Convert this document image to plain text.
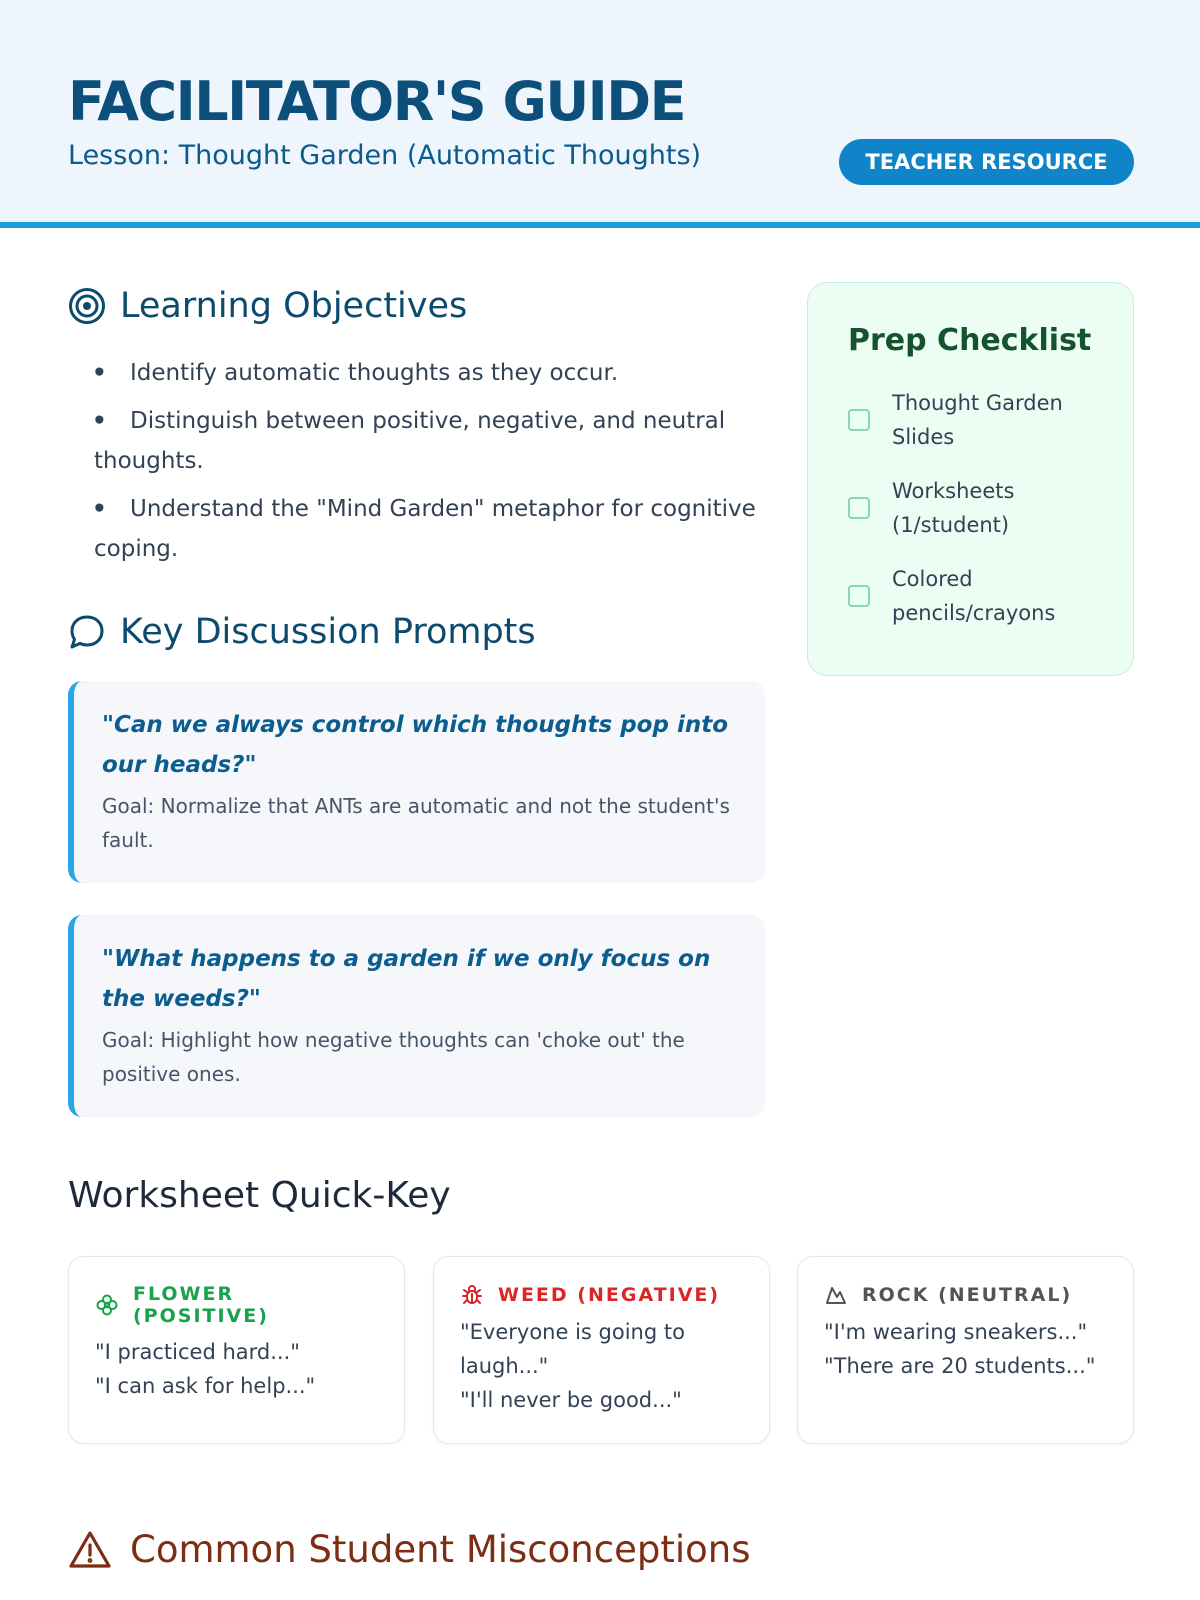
FACILITATOR'S GUIDE
Lesson: Thought Garden (Automatic Thoughts)	TEACHER RESOURCE
Learning Objectives
• Identify automatic thoughts as they occur.
• Distinguish between positive, negative, and neutral thoughts.
• Understand the "Mind Garden" metaphor for cognitive coping.
Key Discussion Prompts
"Can we always control which thoughts pop into our heads?"
Goal: Normalize that ANTs are automatic and not the student's fault.
"What happens to a garden if we only focus on the weeds?"
Goal: Highlight how negative thoughts can 'choke out' the positive ones.
Prep Checklist
Thought Garden Slides
Worksheets (1/student)
Colored pencils/crayons
Worksheet Quick-Key
FLOWER (POSITIVE)
"I practiced hard..."
"I can ask for help..."
WEED (NEGATIVE)
"Everyone is going to laugh..."
"I'll never be good..."
ROCK (NEUTRAL)
"I'm wearing sneakers..."
"There are 20 students..."
Common Student Misconceptions
